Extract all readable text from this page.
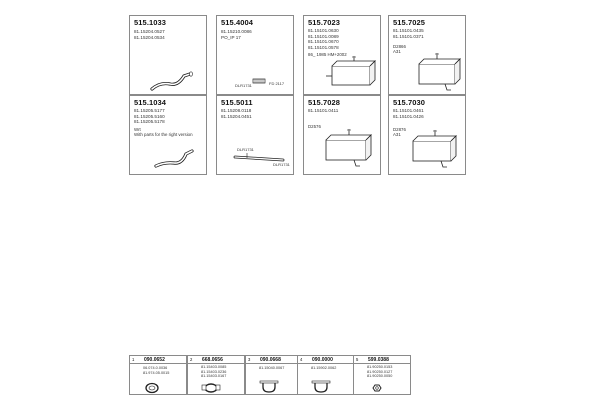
515.1033
81.15204.0527
81.15204.0534
515.4004
81.15210.0086
PO_IP 17
DLR1731	FD 2117
515.7023
81.15101.0630
81.15101.0089
81.15101.0670
81.15101.0578
86_ 1985 HM+2002
515.7025
81.15101.0435
81.15101.0371
D2866
A31
515.1034
81.15205.5177
81.15205.5160
81.15205.5178
Wrt
With parts for the right version
515.5011
81.15208.0118
81.15204.0451
DLR1731
DLR1731
515.7028
81.15101.0411
D2576
515.7030
81.15101.0461
81.15101.0426
D2876
A31
1 090.0652
06.074.0.0036
81.974.05.0015
2 668.0656
81.15403.0085
81.15403.0236
81.15403.0167
3 090.0668
81.15040.0067
4 090.0000
81.15902.0062
5 599.0388
81.90250.0153
81.90250.0127
81.90250.0050
